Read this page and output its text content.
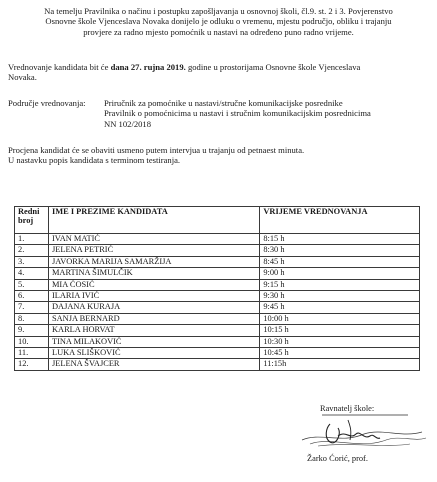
Na temelju Pravilnika o načinu i postupku zapošljavanja u osnovnoj školi, čl.9. st. 2 i 3. Povjerenstvo

Osnovne škole Vjenceslava Novaka donijelo je odluku o vremenu, mjestu područjo, obliku i trajanju

provjere za radno mjesto pomoćnik u nastavi na određeno puno radno vrijeme.

Vrednovanje kandidata bit će dana 27. rujna 2019. godine u prostorijama Osnovne škole Vjenceslava

Novaka.

Područje vrednovanja:	Priručnik za pomoćnike u nastavi/stručne komunikacijske posrednike

Pravilnik o pomoćnicima u nastavi i stručnim komunikacijskim posrednicima

NN 102/2018

Procjena kandidat će se obaviti usmeno putem intervjua u trajanju od petnaest minuta.

U nastavku popis kandidata s terminom testiranja.

Redni broj	IME I PREZIME KANDIDATA	VRIJEME VREDNOVANJA
1.	IVAN MATIĆ	8:15 h
2.	JELENA PETRIĆ	8:30 h
3.	JAVORKA MARIJA SAMARŽIJA	8:45 h
4.	MARTINA ŠIMULČIK	9:00 h
5.	MIA ĆOSIĆ	9:15 h
6.	ILARIA IVIĆ	9:30 h
7.	DAJANA KURAJA	9:45 h
8.	SANJA BERNARD	10:00 h
9.	KARLA HORVAT	10:15 h
10.	TINA MILAKOVIĆ	10:30 h
11.	LUKA SLIŠKOVIĆ	10:45 h
12.	JELENA ŠVAJCER	11:15h
Ravnatelj škole:
Žarko Ćorić, prof.
